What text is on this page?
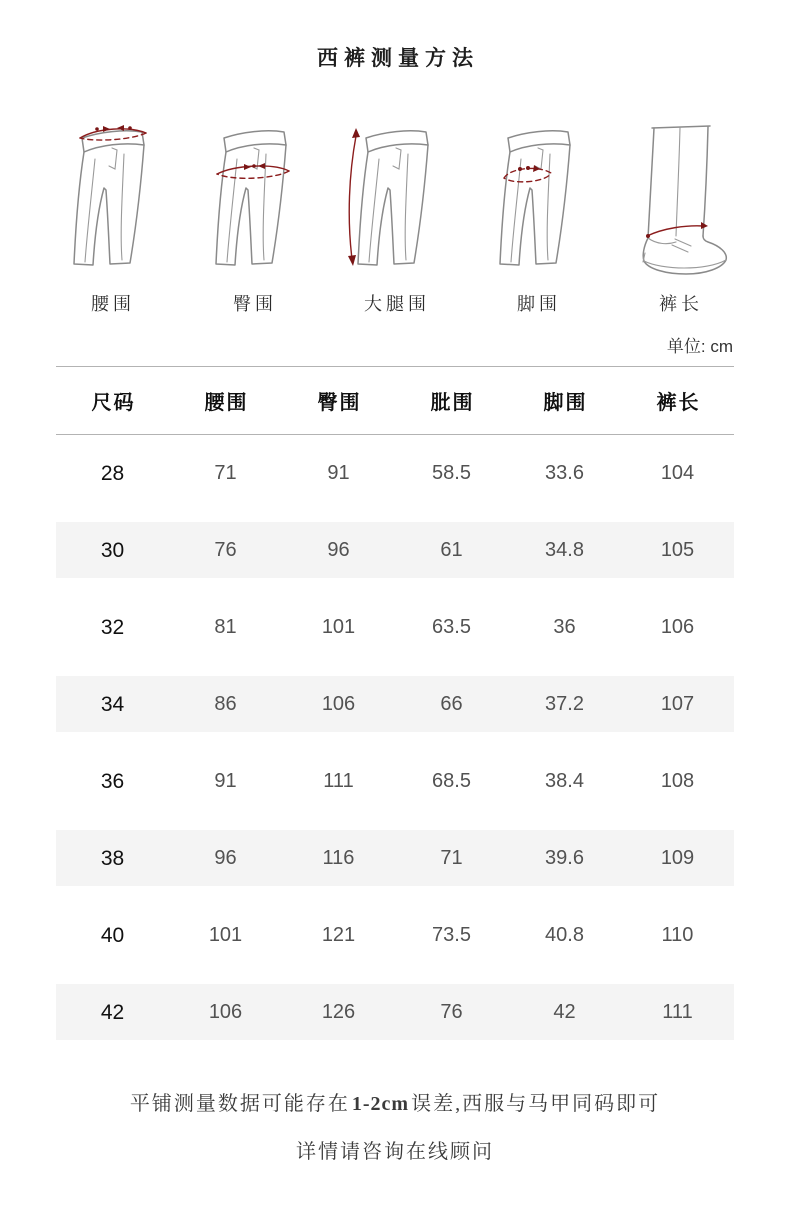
西裤测量方法
腰围	臀围	大腿围	脚围	裤长
单位: cm
尺码	腰围	臀围	肶围	脚围	裤长
28	71	91	58.5	33.6	104
30	76	96	61	34.8	105
32	81	101	63.5	36	106
34	86	106	66	37.2	107
36	91	111	68.5	38.4	108
38	96	116	71	39.6	109
40	101	121	73.5	40.8	110
42	106	126	76	42	111

平铺测量数据可能存在 1-2cm 误差,西服与马甲同码即可

详情请咨询在线顾问
